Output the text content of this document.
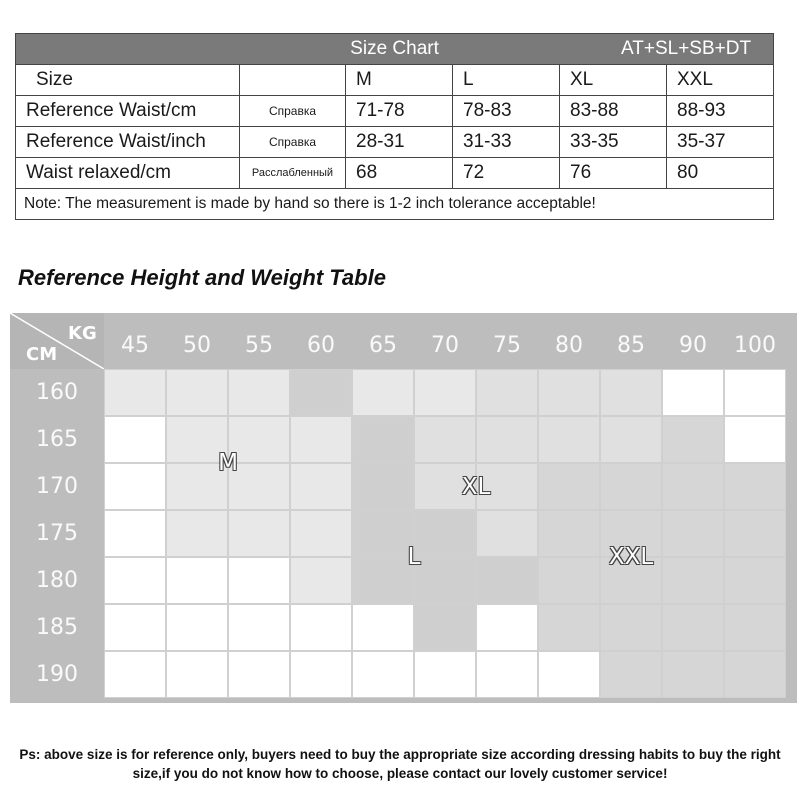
Size Chart AT+SL+SB+DT					

Size		M	L	XL	XXL
Reference Waist/cm	Справка	71-78	78-83	83-88	88-93
Reference Waist/inch	Справка	28-31	31-33	33-35	35-37
Waist relaxed/cm	Расслабленный	68	72	76	80
Note: The measurement is made by hand so there is 1-2 inch tolerance acceptable!					
Reference Height and Weight Table
KG
CM	45	50	55	60	65	70	75	80	85	90	100
160
165
170
175
180
185
190
M
XL
L	XXL

Ps: above size is for reference only, buyers need to buy the appropriate size according dressing habits to buy the right size,if you do not know how to choose, please contact our lovely customer service!
